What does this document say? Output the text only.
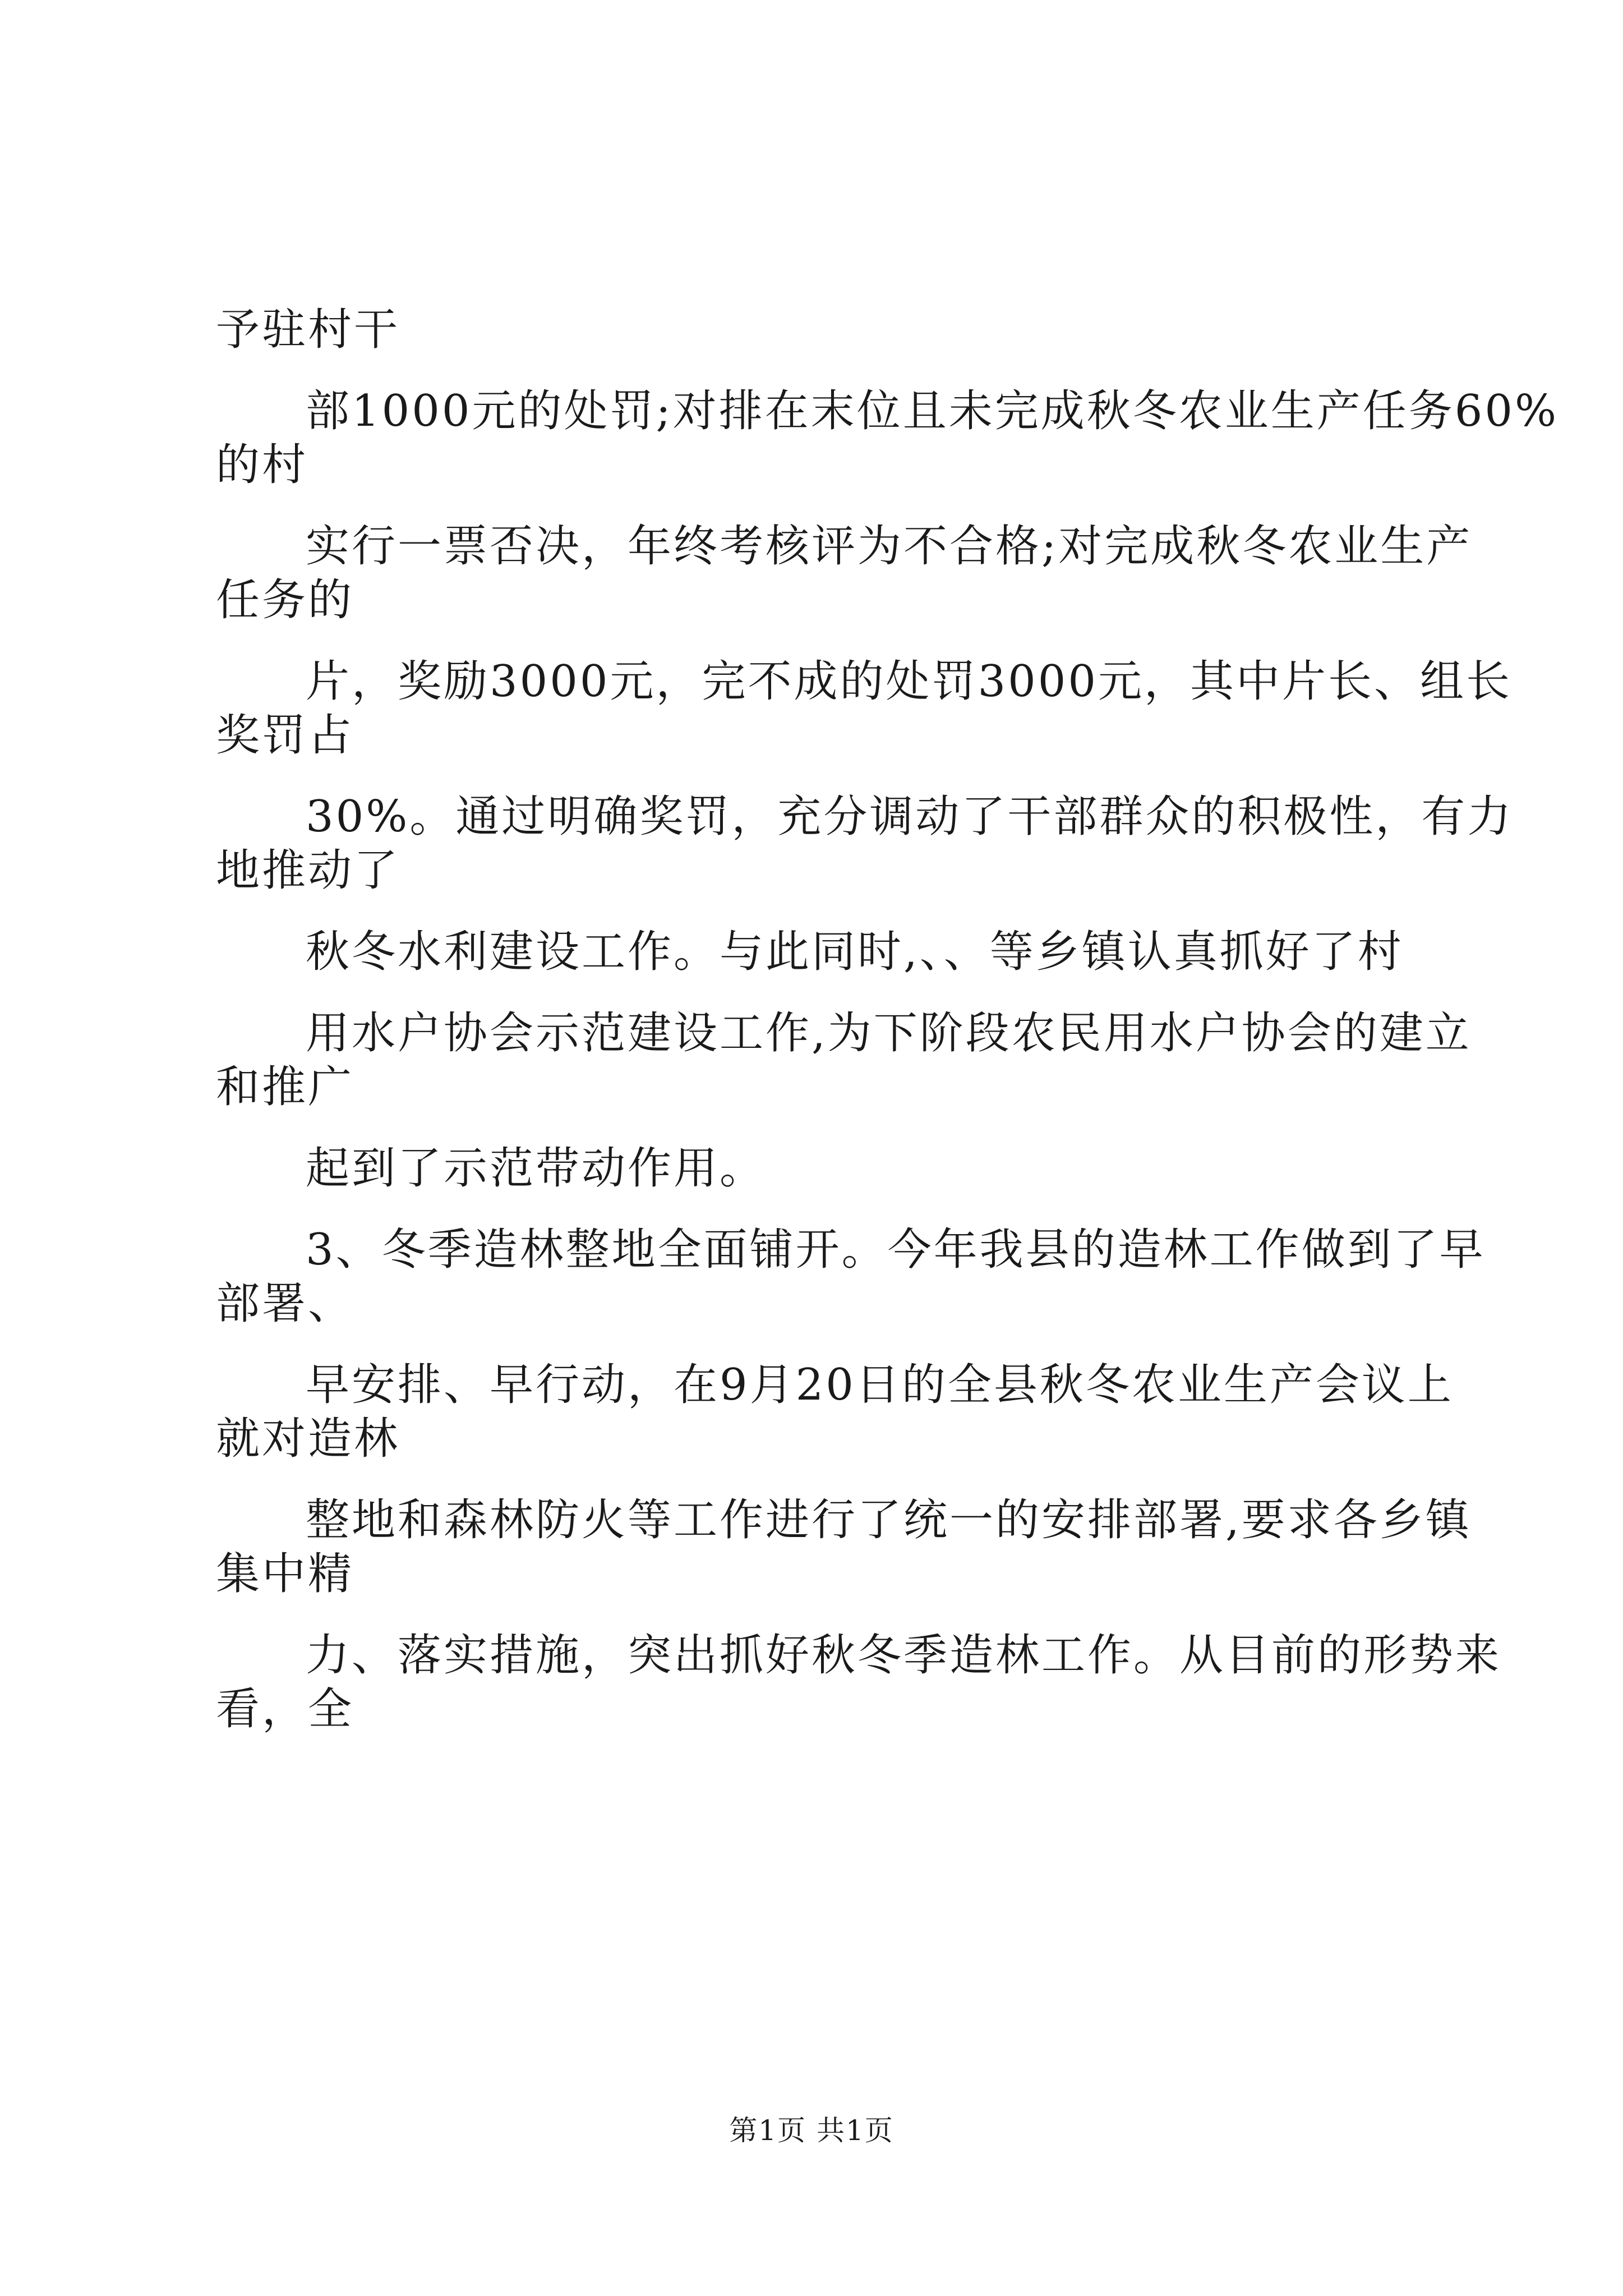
予驻村干
部1000元的处罚;对排在末位且未完成秋冬农业生产任务60%
的村
实行一票否决，年终考核评为不合格;对完成秋冬农业生产
任务的
片，奖励3000元，完不成的处罚3000元，其中片长、组长
奖罚占
30%。通过明确奖罚，充分调动了干部群众的积极性，有力
地推动了
秋冬水利建设工作。与此同时,、、等乡镇认真抓好了村
用水户协会示范建设工作,为下阶段农民用水户协会的建立
和推广
起到了示范带动作用。
3、冬季造林整地全面铺开。今年我县的造林工作做到了早
部署、
早安排、早行动，在9月20日的全县秋冬农业生产会议上
就对造林
整地和森林防火等工作进行了统一的安排部署,要求各乡镇
集中精
力、落实措施，突出抓好秋冬季造林工作。从目前的形势来
看，全
第1页 共1页
